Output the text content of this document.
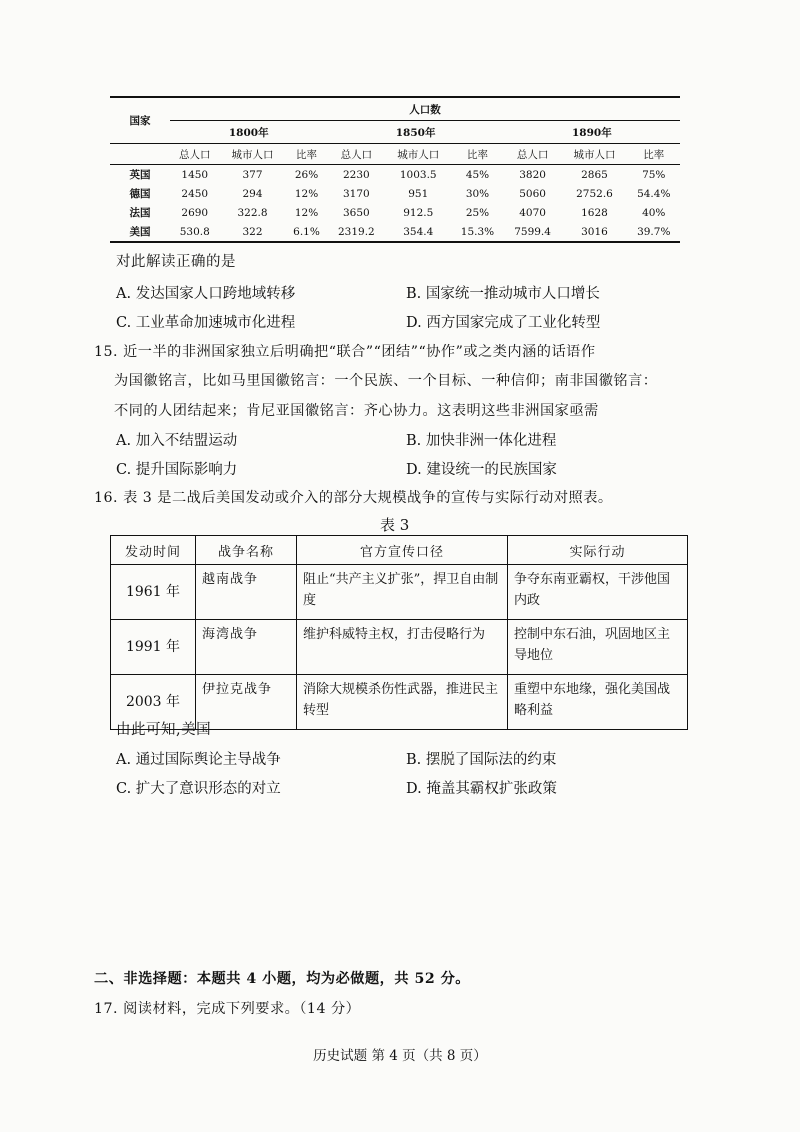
国家	人口数								
	1800年			1850年			1890年		
	总人口	城市人口	比率	总人口	城市人口	比率	总人口	城市人口	比率
英国	1450	377	26%	2230	1003.5	45%	3820	2865	75%
德国	2450	294	12%	3170	951	30%	5060	2752.6	54.4%
法国	2690	322.8	12%	3650	912.5	25%	4070	1628	40%
美国	530.8	322	6.1%	2319.2	354.4	15.3%	7599.4	3016	39.7%
对此解读正确的是
A. 发达国家人口跨地域转移	B. 国家统一推动城市人口增长
C. 工业革命加速城市化进程	D. 西方国家完成了工业化转型
15. 近一半的非洲国家独立后明确把“联合”“团结”“协作”或之类内涵的话语作
为国徽铭言，比如马里国徽铭言：一个民族、一个目标、一种信仰；南非国徽铭言：
不同的人团结起来；肯尼亚国徽铭言：齐心协力。这表明这些非洲国家亟需
A. 加入不结盟运动	B. 加快非洲一体化进程
C. 提升国际影响力	D. 建设统一的民族国家
16. 表 3 是二战后美国发动或介入的部分大规模战争的宣传与实际行动对照表。
表 3
发动时间	战争名称	官方宣传口径	实际行动
1961 年	越南战争	阻止“共产主义扩张”，捍卫自由制度	争夺东南亚霸权，干涉他国内政
1991 年	海湾战争	维护科威特主权，打击侵略行为	控制中东石油，巩固地区主导地位
2003 年	伊拉克战争	消除大规模杀伤性武器，推进民主转型	重塑中东地缘，强化美国战略利益
由此可知,美国
A. 通过国际舆论主导战争	B. 摆脱了国际法的约束
C. 扩大了意识形态的对立	D. 掩盖其霸权扩张政策
二、非选择题：本题共 4 小题，均为必做题，共 52 分。
17. 阅读材料，完成下列要求。（14 分）
历史试题 第 4 页（共 8 页）
